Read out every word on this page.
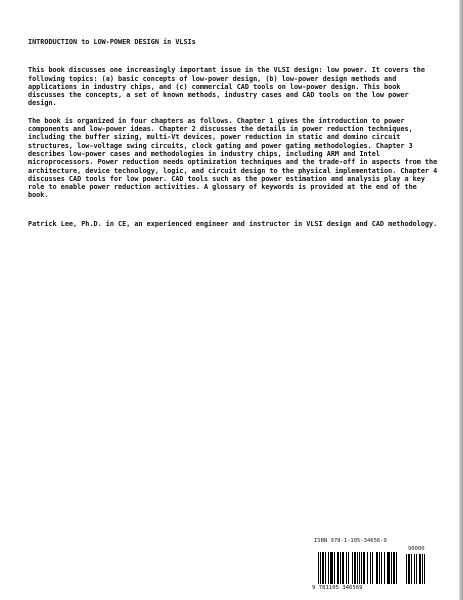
INTRODUCTION to LOW-POWER DESIGN in VLSIs

This book discusses one increasingly important issue in the VLSI design: low power. It covers the following topics: (a) basic concepts of low-power design, (b) low-power design methods and applications in industry chips, and (c) commercial CAD tools on low-power design. This book discusses the concepts, a set of known methods, industry cases and CAD tools on the low power design.

The book is organized in four chapters as follows. Chapter 1 gives the introduction to power components and low-power ideas. Chapter 2 discusses the details in power reduction techniques, including the buffer sizing, multi-Vt devices, power reduction in static and domino circuit structures, low-voltage swing circuits, clock gating and power gating methodologies. Chapter 3 describes low-power cases and methodologies in industry chips, including ARM and Intel microprocessors. Power reduction needs optimization techniques and the trade-off in aspects from the architecture, device technology, logic, and circuit design to the physical implementation. Chapter 4 discusses CAD tools for low power. CAD tools such as the power estimation and analysis play a key role to enable power reduction activities. A glossary of keywords is provided at the end of the book.

Patrick Lee, Ph.D. in CE, an experienced engineer and instructor in VLSI design and CAD methodology.

ISBN 978-1-105-34656-9
90000
9 781105 346569
